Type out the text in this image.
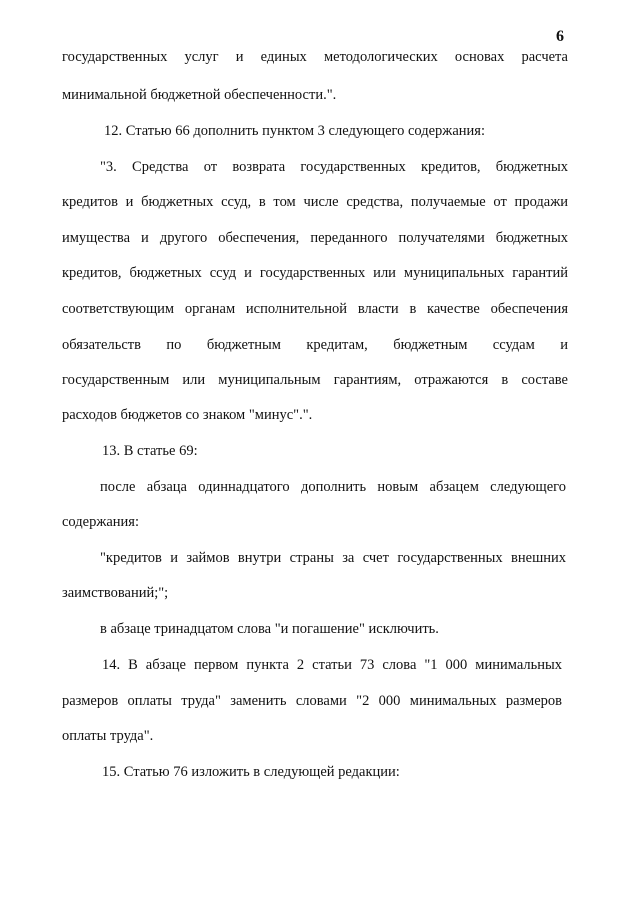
6
государственных услуг и единых методологических основах расчета
минимальной бюджетной обеспеченности.".
12. Статью 66 дополнить пунктом 3 следующего содержания:
"3. Средства от возврата государственных кредитов, бюджетных
кредитов и бюджетных ссуд, в том числе средства, получаемые от продажи
имущества и другого обеспечения, переданного получателями бюджетных
кредитов, бюджетных ссуд и государственных или муниципальных гарантий
соответствующим органам исполнительной власти в качестве обеспечения
обязательств по бюджетным кредитам, бюджетным ссудам и
государственным или муниципальным гарантиям, отражаются в составе
расходов бюджетов со знаком "минус".".
13. В статье 69:
после абзаца одиннадцатого дополнить новым абзацем следующего
содержания:
"кредитов и займов внутри страны за счет государственных внешних
заимствований;";
в абзаце тринадцатом слова "и погашение" исключить.
14. В абзаце первом пункта 2 статьи 73 слова "1 000 минимальных
размеров оплаты труда" заменить словами "2 000 минимальных размеров
оплаты труда".
15. Статью 76 изложить в следующей редакции:
